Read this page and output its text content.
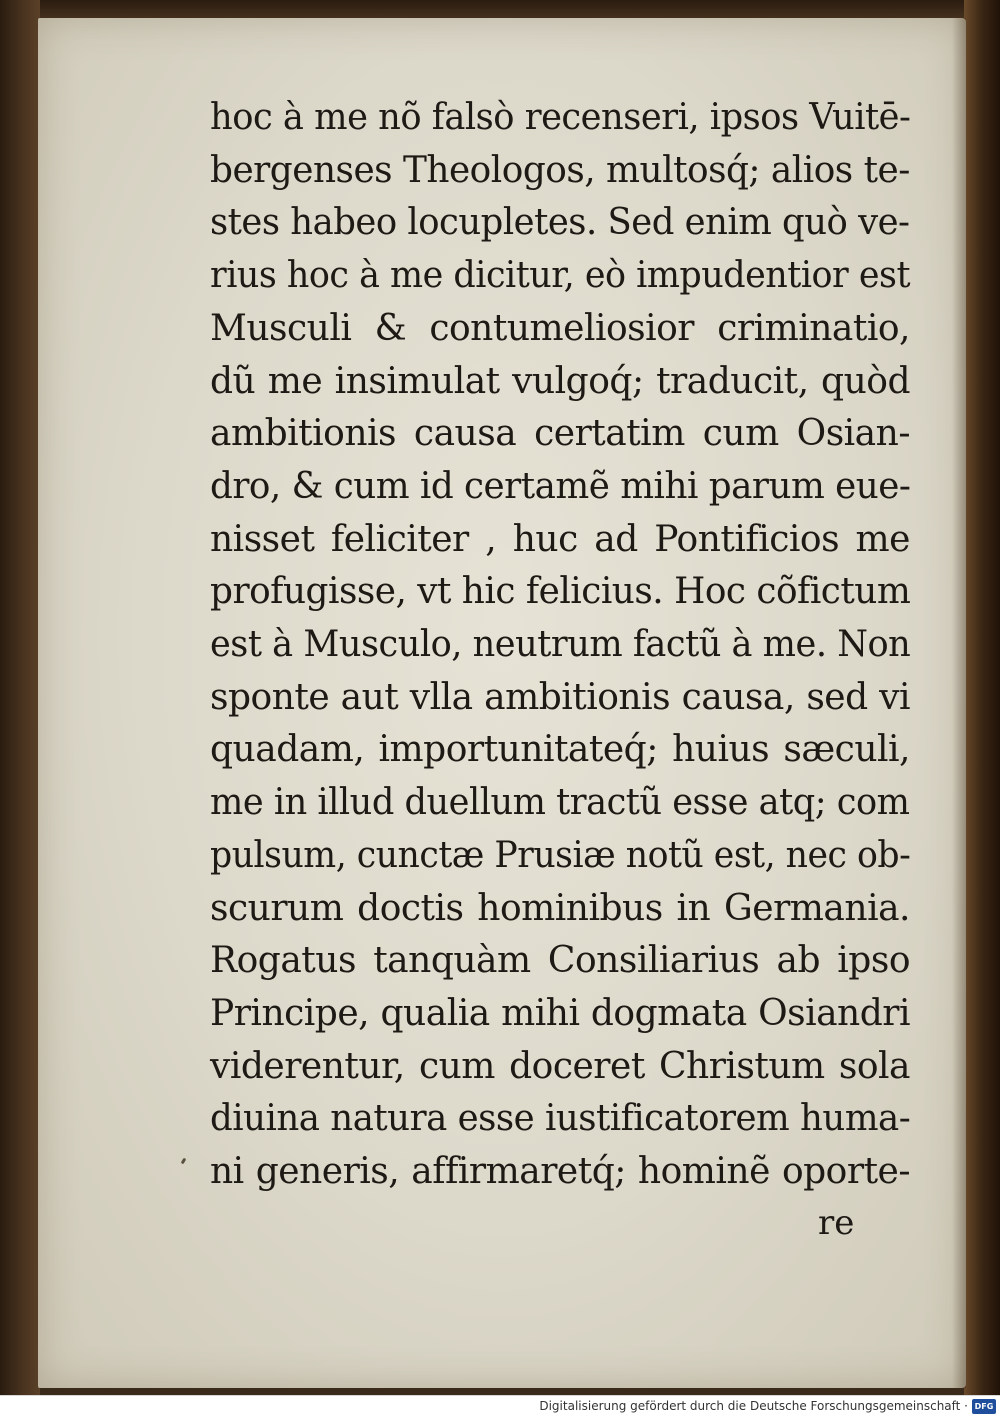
hoc à me nõ falsò recenseri, ipsos Vuitē-
bergenses Theologos, multosq́; alios te-
stes habeo locupletes. Sed enim quò ve-
rius hoc à me dicitur, eò impudentior est
Musculi & contumeliosior criminatio,
dũ me insimulat vulgoq́; traducit, quòd
ambitionis causa certatim cum Osian-
dro, & cum id certamẽ mihi parum eue-
nisset feliciter , huc ad Pontificios me
profugisse, vt hic felicius. Hoc cõfictum
est à Musculo, neutrum factũ à me. Non
sponte aut vlla ambitionis causa, sed vi
quadam, importunitateq́; huius sæculi,
me in illud duellum tractũ esse atq; com
pulsum, cunctæ Prusiæ notũ est, nec ob-
scurum doctis hominibus in Germania.
Rogatus tanquàm Consiliarius ab ipso
Principe, qualia mihi dogmata Osiandri
viderentur, cum doceret Christum sola
diuina natura esse iustificatorem huma-
ni generis, affirmaretq́; hominẽ oporte-
re
Digitalisierung gefördert durch die Deutsche Forschungsgemeinschaft · DFG
